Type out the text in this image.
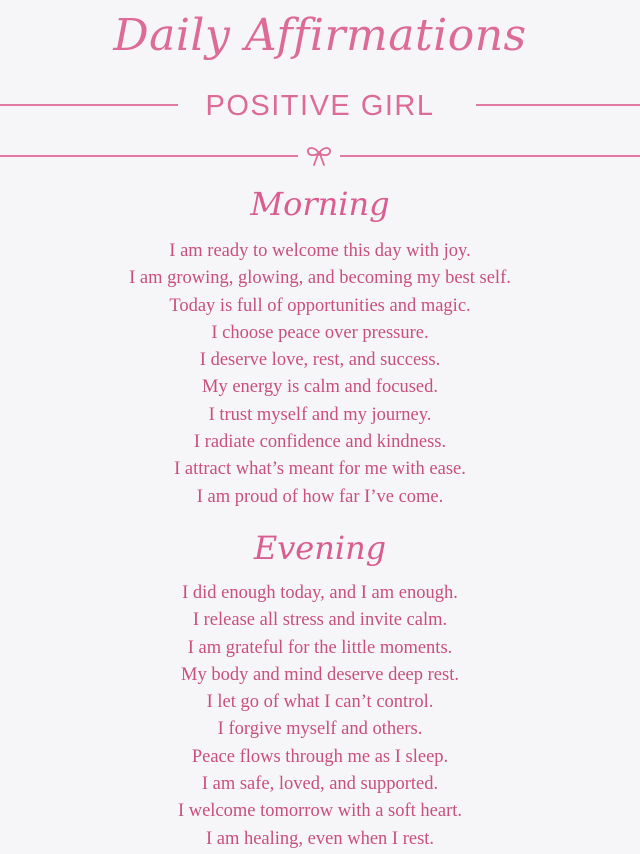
Daily Affirmations
POSITIVE GIRL
Morning
I am ready to welcome this day with joy.
I am growing, glowing, and becoming my best self.
Today is full of opportunities and magic.
I choose peace over pressure.
I deserve love, rest, and success.
My energy is calm and focused.
I trust myself and my journey.
I radiate confidence and kindness.
I attract what’s meant for me with ease.
I am proud of how far I’ve come.
Evening
I did enough today, and I am enough.
I release all stress and invite calm.
I am grateful for the little moments.
My body and mind deserve deep rest.
I let go of what I can’t control.
I forgive myself and others.
Peace flows through me as I sleep.
I am safe, loved, and supported.
I welcome tomorrow with a soft heart.
I am healing, even when I rest.
